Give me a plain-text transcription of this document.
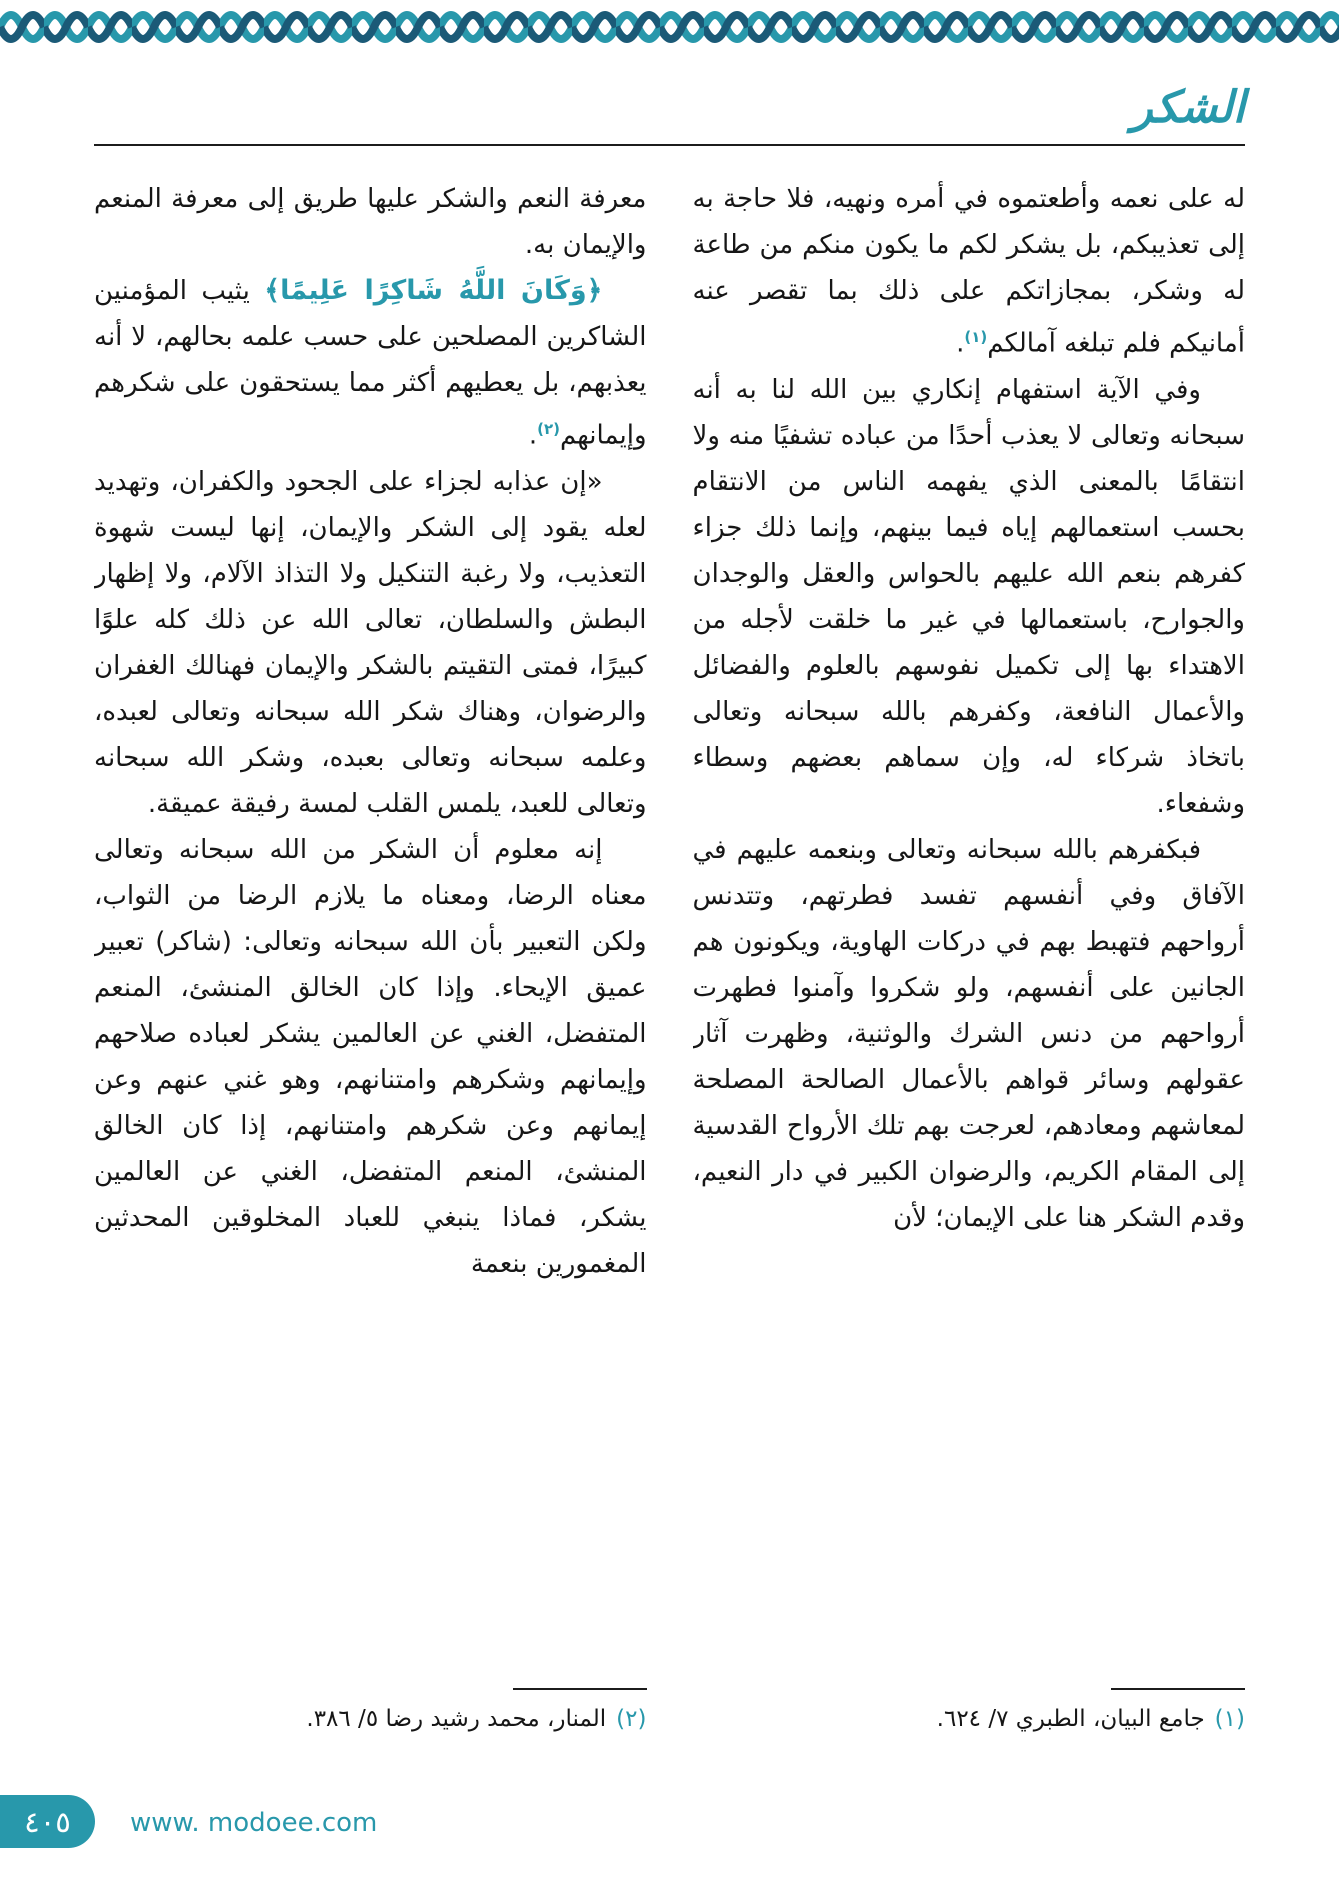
الشكر

له على نعمه وأطعتموه في أمره ونهيه، فلا حاجة به إلى تعذيبكم، بل يشكر لكم ما يكون منكم من طاعة له وشكر، بمجازاتكم على ذلك بما تقصر عنه أمانيكم فلم تبلغه آمالكم$^{(١)}$.

وفي الآية استفهام إنكاري بين الله لنا به أنه سبحانه وتعالى لا يعذب أحدًا من عباده تشفيًا منه ولا انتقامًا بالمعنى الذي يفهمه الناس من الانتقام بحسب استعمالهم إياه فيما بينهم، وإنما ذلك جزاء كفرهم بنعم الله عليهم بالحواس والعقل والوجدان والجوارح، باستعمالها في غير ما خلقت لأجله من الاهتداء بها إلى تكميل نفوسهم بالعلوم والفضائل والأعمال النافعة، وكفرهم بالله سبحانه وتعالى باتخاذ شركاء له، وإن سماهم بعضهم وسطاء وشفعاء.

فبكفرهم بالله سبحانه وتعالى وبنعمه عليهم في الآفاق وفي أنفسهم تفسد فطرتهم، وتتدنس أرواحهم فتهبط بهم في دركات الهاوية، ويكونون هم الجانين على أنفسهم، ولو شكروا وآمنوا فطهرت أرواحهم من دنس الشرك والوثنية، وظهرت آثار عقولهم وسائر قواهم بالأعمال الصالحة المصلحة لمعاشهم ومعادهم، لعرجت بهم تلك الأرواح القدسية إلى المقام الكريم، والرضوان الكبير في دار النعيم، وقدم الشكر هنا على الإيمان؛ لأن

(١)جامع البيان، الطبري ٧/ ٦٢٤.

معرفة النعم والشكر عليها طريق إلى معرفة المنعم والإيمان به.

﴿وَكَانَ اللَّهُ شَاكِرًا عَلِيمًا﴾ يثيب المؤمنين الشاكرين المصلحين على حسب علمه بحالهم، لا أنه يعذبهم، بل يعطيهم أكثر مما يستحقون على شكرهم وإيمانهم$^{(٢)}$.

«إن عذابه لجزاء على الجحود والكفران، وتهديد لعله يقود إلى الشكر والإيمان، إنها ليست شهوة التعذيب، ولا رغبة التنكيل ولا التذاذ الآلام، ولا إظهار البطش والسلطان، تعالى الله عن ذلك كله علوًا كبيرًا، فمتى التقيتم بالشكر والإيمان فهنالك الغفران والرضوان، وهناك شكر الله سبحانه وتعالى لعبده، وعلمه سبحانه وتعالى بعبده، وشكر الله سبحانه وتعالى للعبد، يلمس القلب لمسة رفيقة عميقة.

إنه معلوم أن الشكر من الله سبحانه وتعالى معناه الرضا، ومعناه ما يلازم الرضا من الثواب، ولكن التعبير بأن الله سبحانه وتعالى: (شاكر) تعبير عميق الإيحاء. وإذا كان الخالق المنشئ، المنعم المتفضل، الغني عن العالمين يشكر لعباده صلاحهم وإيمانهم وشكرهم وامتنانهم، وهو غني عنهم وعن إيمانهم وعن شكرهم وامتنانهم، إذا كان الخالق المنشئ، المنعم المتفضل، الغني عن العالمين يشكر، فماذا ينبغي للعباد المخلوقين المحدثين المغمورين بنعمة

(٢)المنار، محمد رشيد رضا ٥/ ٣٨٦.

٤٠٥ www. modoee.com
